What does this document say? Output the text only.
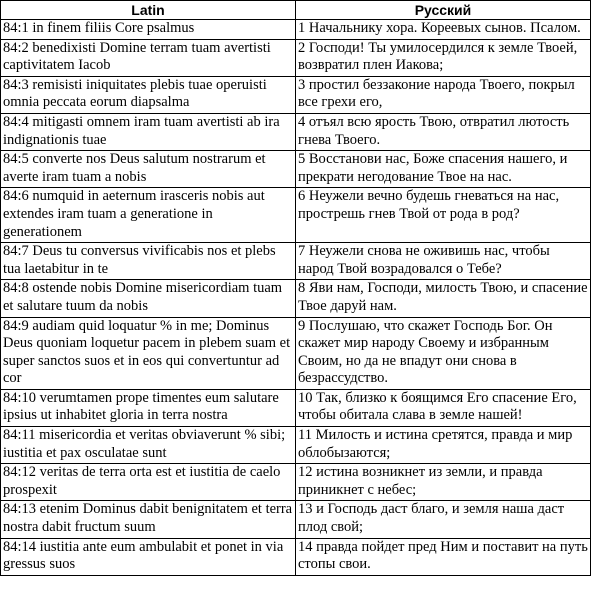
Latin	Русский
84:1 in finem filiis Core psalmus	1 Начальнику хора. Кореевых сынов. Псалом.
84:2 benedixisti Domine terram tuam avertisti captivitatem Iacob	2 Господи! Ты умилосердился к земле Твоей, возвратил плен Иакова;
84:3 remisisti iniquitates plebis tuae operuisti omnia peccata eorum diapsalma	3 простил беззаконие народа Твоего, покрыл все грехи его,
84:4 mitigasti omnem iram tuam avertisti ab ira indignationis tuae	4 отъял всю ярость Твою, отвратил лютость гнева Твоего.
84:5 converte nos Deus salutum nostrarum et averte iram tuam a nobis	5 Восстанови нас, Боже спасения нашего, и прекрати негодование Твое на нас.
84:6 numquid in aeternum irasceris nobis aut extendes iram tuam a generatione in generationem	6 Неужели вечно будешь гневаться на нас, прострешь гнев Твой от рода в род?
84:7 Deus tu conversus vivificabis nos et plebs tua laetabitur in te	7 Неужели снова не оживишь нас, чтобы народ Твой возрадовался о Тебе?
84:8 ostende nobis Domine misericordiam tuam et salutare tuum da nobis	8 Яви нам, Господи, милость Твою, и спасение Твое даруй нам.
84:9 audiam quid loquatur % in me; Dominus Deus quoniam loquetur pacem in plebem suam et super sanctos suos et in eos qui convertuntur ad cor	9 Послушаю, что скажет Господь Бог. Он скажет мир народу Своему и избранным Своим, но да не впадут они снова в безрассудство.
84:10 verumtamen prope timentes eum salutare ipsius ut inhabitet gloria in terra nostra	10 Так, близко к боящимся Его спасение Его, чтобы обитала слава в земле нашей!
84:11 misericordia et veritas obviaverunt % sibi; iustitia et pax osculatae sunt	11 Милость и истина сретятся, правда и мир облобызаются;
84:12 veritas de terra orta est et iustitia de caelo prospexit	12 истина возникнет из земли, и правда приникнет с небес;
84:13 etenim Dominus dabit benignitatem et terra nostra dabit fructum suum	13 и Господь даст благо, и земля наша даст плод свой;
84:14 iustitia ante eum ambulabit et ponet in via gressus suos	14 правда пойдет пред Ним и поставит на путь стопы свои.
